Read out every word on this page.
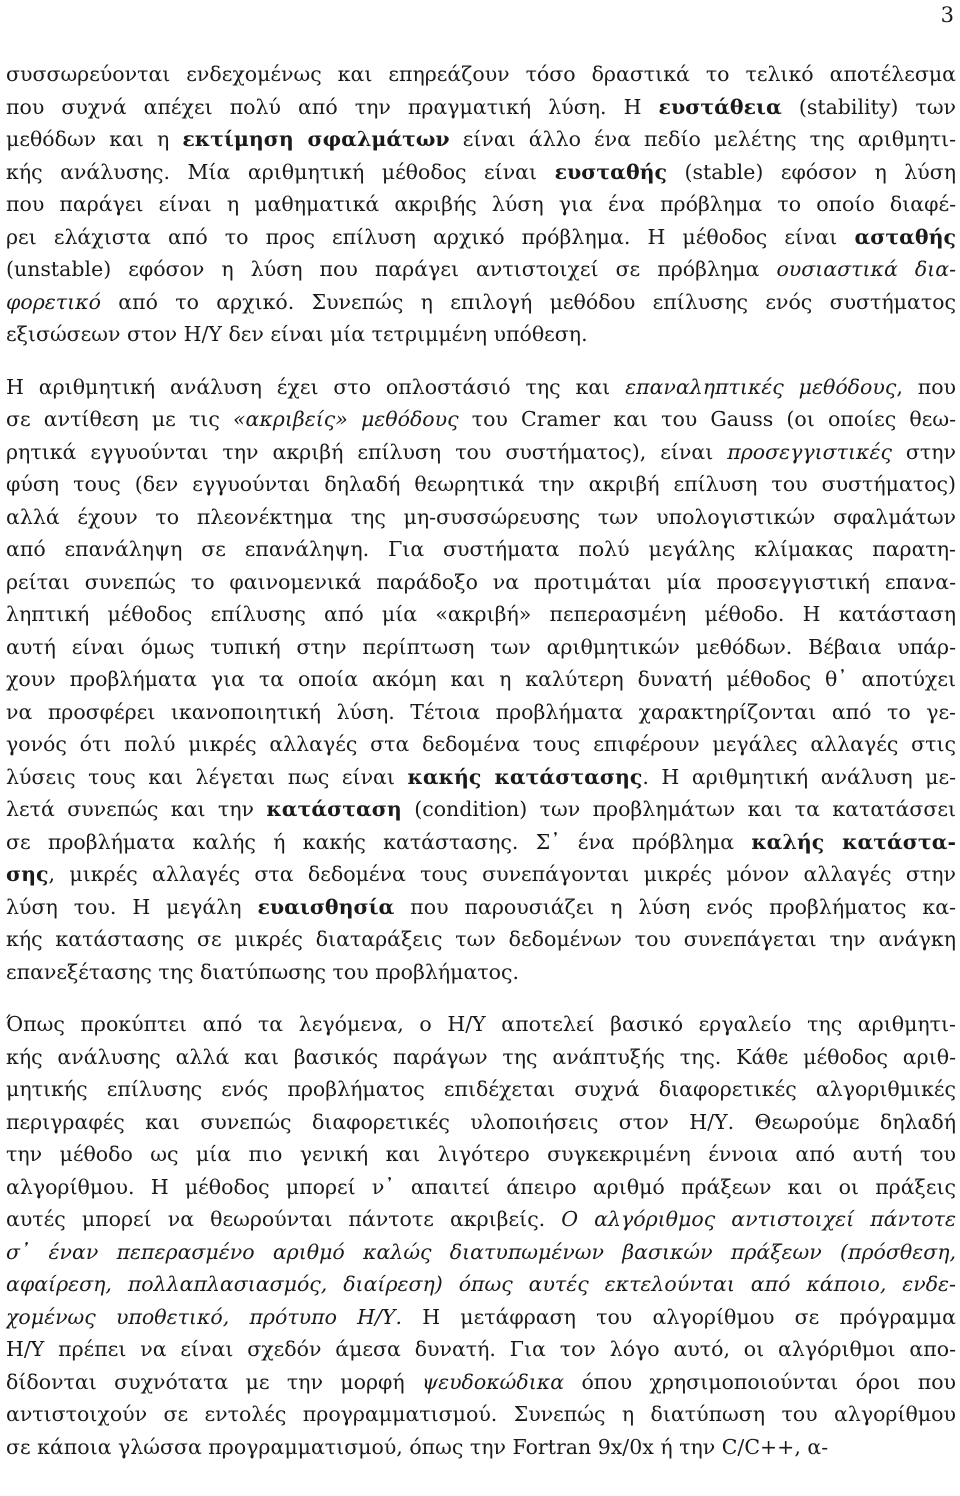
3
συσσωρεύονται ενδεχομένως και επηρεάζουν τόσο δραστικά το τελικό αποτέλεσμα
που συχνά απέχει πολύ από την πραγματική λύση. Η ευστάθεια (stability) των
μεθόδων και η εκτίμηση σφαλμάτων είναι άλλο ένα πεδίο μελέτης της αριθμητι-
κής ανάλυσης. Μία αριθμητική μέθοδος είναι ευσταθής (stable) εφόσον η λύση
που παράγει είναι η μαθηματικά ακριβής λύση για ένα πρόβλημα το οποίο διαφέ-
ρει ελάχιστα από το προς επίλυση αρχικό πρόβλημα. Η μέθοδος είναι ασταθής
(unstable) εφόσον η λύση που παράγει αντιστοιχεί σε πρόβλημα ουσιαστικά δια-
φορετικό από το αρχικό. Συνεπώς η επιλογή μεθόδου επίλυσης ενός συστήματος
εξισώσεων στον Η/Υ δεν είναι μία τετριμμένη υπόθεση.
Η αριθμητική ανάλυση έχει στο οπλοστάσιό της και επαναληπτικές μεθόδους, που
σε αντίθεση με τις «ακριβείς» μεθόδους του Cramer και του Gauss (οι οποίες θεω-
ρητικά εγγυούνται την ακριβή επίλυση του συστήματος), είναι προσεγγιστικές στην
φύση τους (δεν εγγυούνται δηλαδή θεωρητικά την ακριβή επίλυση του συστήματος)
αλλά έχουν το πλεονέκτημα της μη-συσσώρευσης των υπολογιστικών σφαλμάτων
από επανάληψη σε επανάληψη. Για συστήματα πολύ μεγάλης κλίμακας παρατη-
ρείται συνεπώς το φαινομενικά παράδοξο να προτιμάται μία προσεγγιστική επανα-
ληπτική μέθοδος επίλυσης από μία «ακριβή» πεπερασμένη μέθοδο. Η κατάσταση
αυτή είναι όμως τυπική στην περίπτωση των αριθμητικών μεθόδων. Βέβαια υπάρ-
χουν προβλήματα για τα οποία ακόμη και η καλύτερη δυνατή μέθοδος θ᾽ αποτύχει
να προσφέρει ικανοποιητική λύση. Τέτοια προβλήματα χαρακτηρίζονται από το γε-
γονός ότι πολύ μικρές αλλαγές στα δεδομένα τους επιφέρουν μεγάλες αλλαγές στις
λύσεις τους και λέγεται πως είναι κακής κατάστασης. Η αριθμητική ανάλυση με-
λετά συνεπώς και την κατάσταση (condition) των προβλημάτων και τα κατατάσσει
σε προβλήματα καλής ή κακής κατάστασης. Σ᾽ ένα πρόβλημα καλής κατάστα-
σης, μικρές αλλαγές στα δεδομένα τους συνεπάγονται μικρές μόνον αλλαγές στην
λύση του. Η μεγάλη ευαισθησία που παρουσιάζει η λύση ενός προβλήματος κα-
κής κατάστασης σε μικρές διαταράξεις των δεδομένων του συνεπάγεται την ανάγκη
επανεξέτασης της διατύπωσης του προβλήματος.
Όπως προκύπτει από τα λεγόμενα, ο Η/Υ αποτελεί βασικό εργαλείο της αριθμητι-
κής ανάλυσης αλλά και βασικός παράγων της ανάπτυξής της. Κάθε μέθοδος αριθ-
μητικής επίλυσης ενός προβλήματος επιδέχεται συχνά διαφορετικές αλγοριθμικές
περιγραφές και συνεπώς διαφορετικές υλοποιήσεις στον Η/Υ. Θεωρούμε δηλαδή
την μέθοδο ως μία πιο γενική και λιγότερο συγκεκριμένη έννοια από αυτή του
αλγορίθμου. Η μέθοδος μπορεί ν᾽ απαιτεί άπειρο αριθμό πράξεων και οι πράξεις
αυτές μπορεί να θεωρούνται πάντοτε ακριβείς. Ο αλγόριθμος αντιστοιχεί πάντοτε
σ᾽ έναν πεπερασμένο αριθμό καλώς διατυπωμένων βασικών πράξεων (πρόσθεση,
αφαίρεση, πολλαπλασιασμός, διαίρεση) όπως αυτές εκτελούνται από κάποιο, ενδε-
χομένως υποθετικό, πρότυπο Η/Υ. Η μετάφραση του αλγορίθμου σε πρόγραμμα
Η/Υ πρέπει να είναι σχεδόν άμεσα δυνατή. Για τον λόγο αυτό, οι αλγόριθμοι απο-
δίδονται συχνότατα με την μορφή ψευδοκώδικα όπου χρησιμοποιούνται όροι που
αντιστοιχούν σε εντολές προγραμματισμού. Συνεπώς η διατύπωση του αλγορίθμου
σε κάποια γλώσσα προγραμματισμού, όπως την Fortran 9x/0x ή την C/C++, α-
